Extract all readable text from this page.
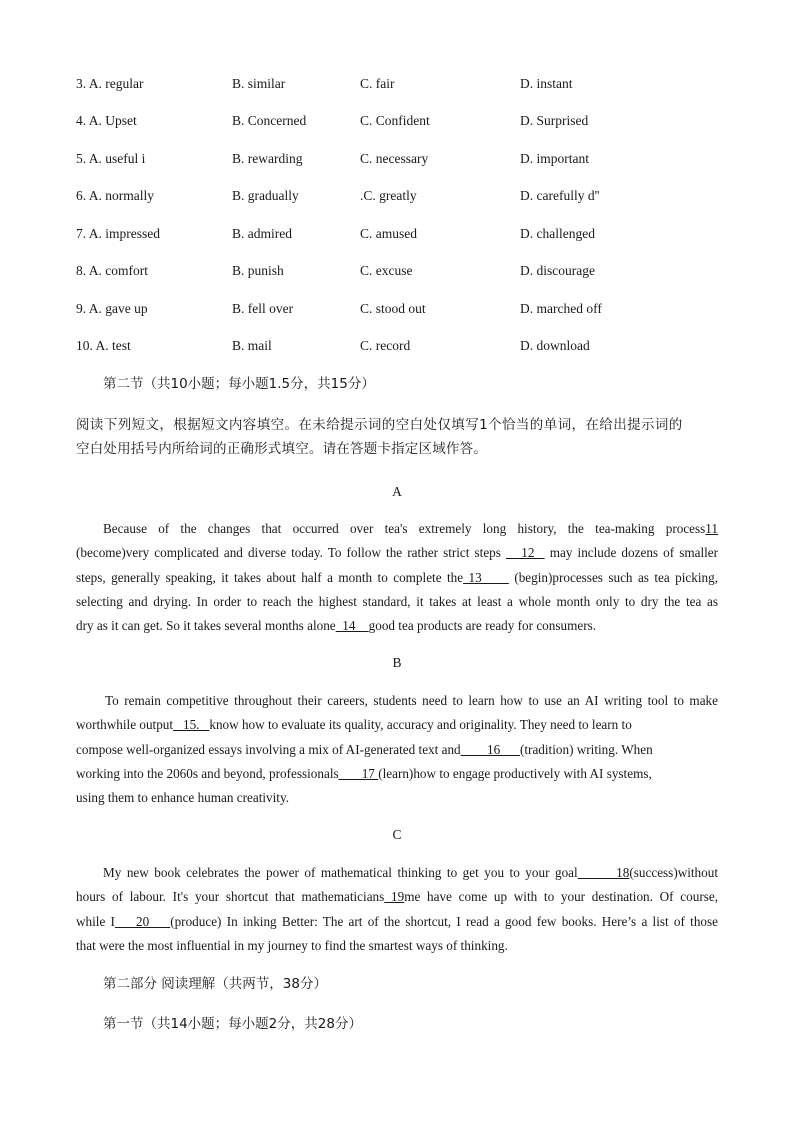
3. A. regular	B. similar	C. fair	D. instant
4. A. Upset	B. Concerned	C. Confident	D. Surprised
5. A. useful i	B. rewarding	C. necessary	D. important
6. A. normally	B. gradually	.C. greatly	D. carefully d''
7. A. impressed	B. admired	C. amused	D. challenged
8. A. comfort	B. punish	C. excuse	D. discourage
9. A. gave up	B. fell over	C. stood out	D. marched off
10. A. test	B. mail	C. record	D. download
第二节（共10小题；每小题1.5分，共15分）
阅读下列短文，根据短文内容填空。在未给提示词的空白处仅填写1个恰当的单词，在给出提示词的
空白处用括号内所给词的正确形式填空。请在答题卡指定区域作答。
A
Because of the changes that occurred over tea's extremely long history, the tea-making process11
(become)very complicated and diverse today. To follow the rather strict steps    12   may include dozens of smaller
steps, generally speaking, it takes about half a month to complete the 13      (begin)processes such as tea picking,
selecting and drying. In order to reach the highest standard, it takes at least a whole month only to dry the tea as
dry as it can get. So it takes several months alone  14    good tea products are ready for consumers.
B
To remain competitive throughout their careers, students need to learn how to use an AI writing tool to make
worthwhile output   15.   know how to evaluate its quality, accuracy and originality. They need to learn to
compose well-organized essays involving a mix of AI-generated text and        16      (tradition) writing. When
working into the 2060s and beyond, professionals       17 (learn)how to engage productively with AI systems,
using them to enhance human creativity.
C
My new book celebrates the power of mathematical thinking to get you to your goal       18(success)without
hours of labour. It's your shortcut that mathematicians 19me have come up with to your destination. Of course,
while I    20    (produce) In inking Better: The art of the shortcut, I read a good few books. Here’s a list of those
that were the most influential in my journey to find the smartest ways of thinking.
第二部分 阅读理解（共两节，38分）
第一节（共14小题；每小题2分，共28分）
